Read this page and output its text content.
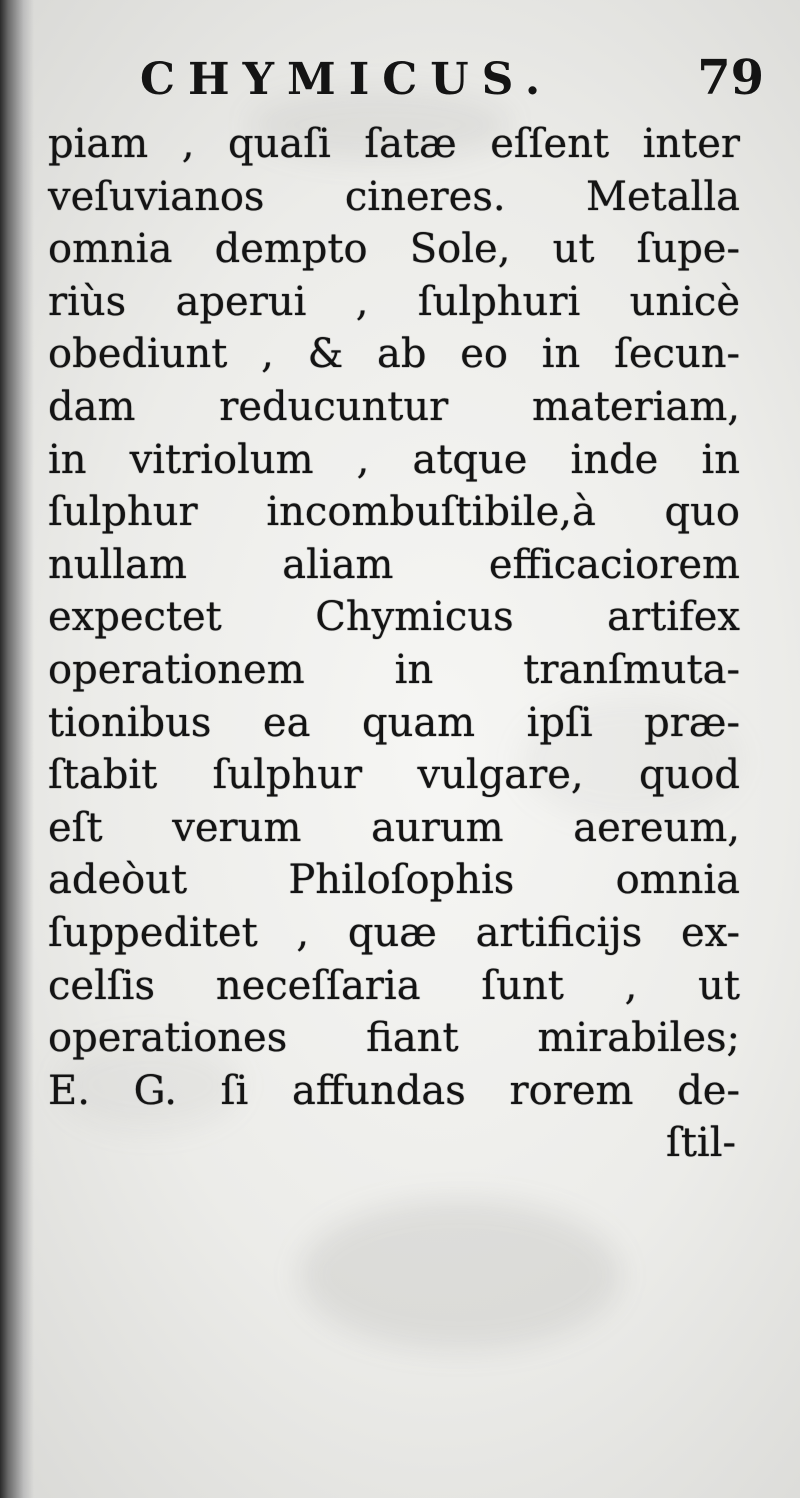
CHYMICUS.	79
piam , quaſi ſatæ eſſent inter
veſuvianos cineres. Metalla
omnia dempto Sole, ut ſupe-
riùs aperui , ſulphuri unicè
obediunt , & ab eo in ſecun-
dam reducuntur materiam,
in vitriolum , atque inde in
ſulphur incombuſtibile,à quo
nullam aliam efficaciorem
expectet Chymicus artifex
operationem in tranſmuta-
tionibus ea quam ipſi præ-
ſtabit ſulphur vulgare, quod
eſt verum aurum aereum,
adeòut Philoſophis omnia
ſuppeditet , quæ artificijs ex-
celſis neceſſaria ſunt , ut
operationes fiant mirabiles;
E. G. ſi affundas rorem de-
ſtil-
